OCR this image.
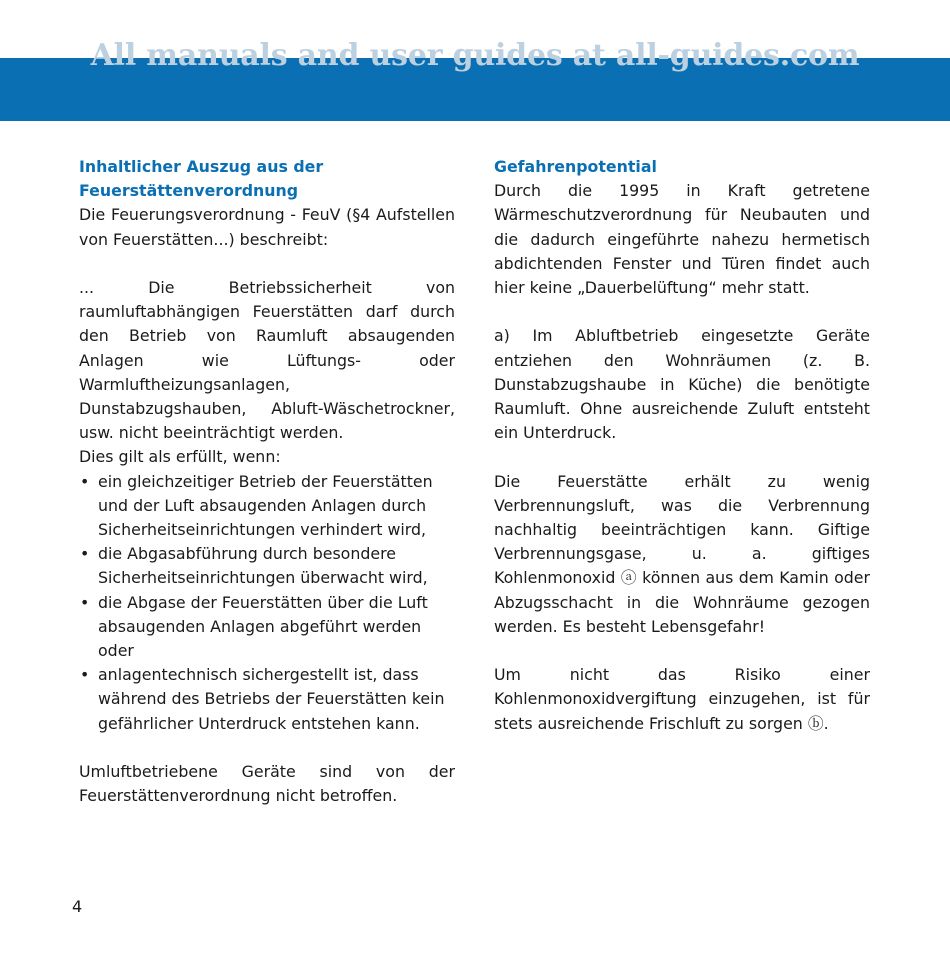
D
All manuals and user guides at all-guides.com

Inhaltlicher Auszug aus der

Feuerstättenverordnung

Die Feuerungsverordnung - FeuV (§4 Aufstellen von Feuerstätten...) beschreibt:

... Die Betriebssicherheit von raumluftabhängigen Feuerstätten darf durch den Betrieb von Raumluft absaugenden Anlagen wie Lüftungs- oder Warmluftheizungsanlagen, Dunstabzugshauben, Abluft-Wäschetrockner, usw. nicht beeinträchtigt werden.

Dies gilt als erfüllt, wenn:

• ein gleichzeitiger Betrieb der Feuerstätten und der Luft absaugenden Anlagen durch Sicherheitseinrichtungen verhindert wird,
• die Abgasabführung durch besondere Sicherheitseinrichtungen überwacht wird,
• die Abgase der Feuerstätten über die Luft absaugenden Anlagen abgeführt werden oder
• anlagentechnisch sichergestellt ist, dass während des Betriebs der Feuerstätten kein gefährlicher Unterdruck entstehen kann.

Umluftbetriebene Geräte sind von der Feuerstättenverordnung nicht betroffen.

Gefahrenpotential

Durch die 1995 in Kraft getretene Wärmeschutzverordnung für Neubauten und die dadurch eingeführte nahezu hermetisch abdichtenden Fenster und Türen findet auch hier keine „Dauerbelüftung“ mehr statt.

a) Im Abluftbetrieb eingesetzte Geräte entziehen den Wohnräumen (z. B. Dunstabzugshaube in Küche) die benötigte Raumluft. Ohne ausreichende Zuluft entsteht ein Unterdruck.

Die Feuerstätte erhält zu wenig Verbrennungsluft, was die Verbrennung nachhaltig beeinträchtigen kann. Giftige Verbrennungsgase, u. a. giftiges Kohlenmonoxid ⓐ können aus dem Kamin oder Abzugsschacht in die Wohnräume gezogen werden. Es besteht Lebensgefahr!

Um nicht das Risiko einer Kohlenmonoxidvergiftung einzugehen, ist für stets ausreichende Frischluft zu sorgen ⓑ.

4
